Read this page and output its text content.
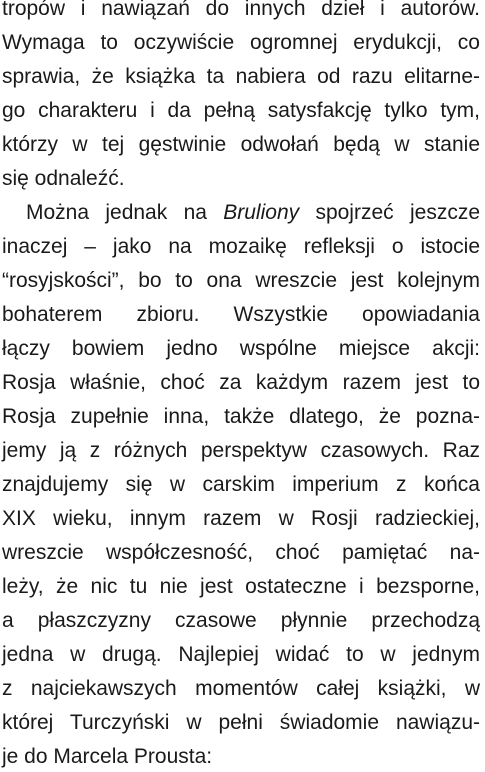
tropów i nawiązań do innych dzieł i autorów.
Wymaga to oczywiście ogromnej erydukcji, co
sprawia, że książka ta nabiera od razu elitarne-
go charakteru i da pełną satysfakcję tylko tym,
którzy w tej gęstwinie odwołań będą w stanie
się odnaleźć.
Można jednak na Bruliony spojrzeć jeszcze
inaczej – jako na mozaikę refleksji o istocie
“rosyjskości”, bo to ona wreszcie jest kolejnym
bohaterem zbioru. Wszystkie opowiadania
łączy bowiem jedno wspólne miejsce akcji:
Rosja właśnie, choć za każdym razem jest to
Rosja zupełnie inna, także dlatego, że pozna-
jemy ją z różnych perspektyw czasowych. Raz
znajdujemy się w carskim imperium z końca
XIX wieku, innym razem w Rosji radzieckiej,
wreszcie współczesność, choć pamiętać na-
leży, że nic tu nie jest ostateczne i bezsporne,
a płaszczyzny czasowe płynnie przechodzą
jedna w drugą. Najlepiej widać to w jednym
z najciekawszych momentów całej książki, w
której Turczyński w pełni świadomie nawiązu-
je do Marcela Prousta:
